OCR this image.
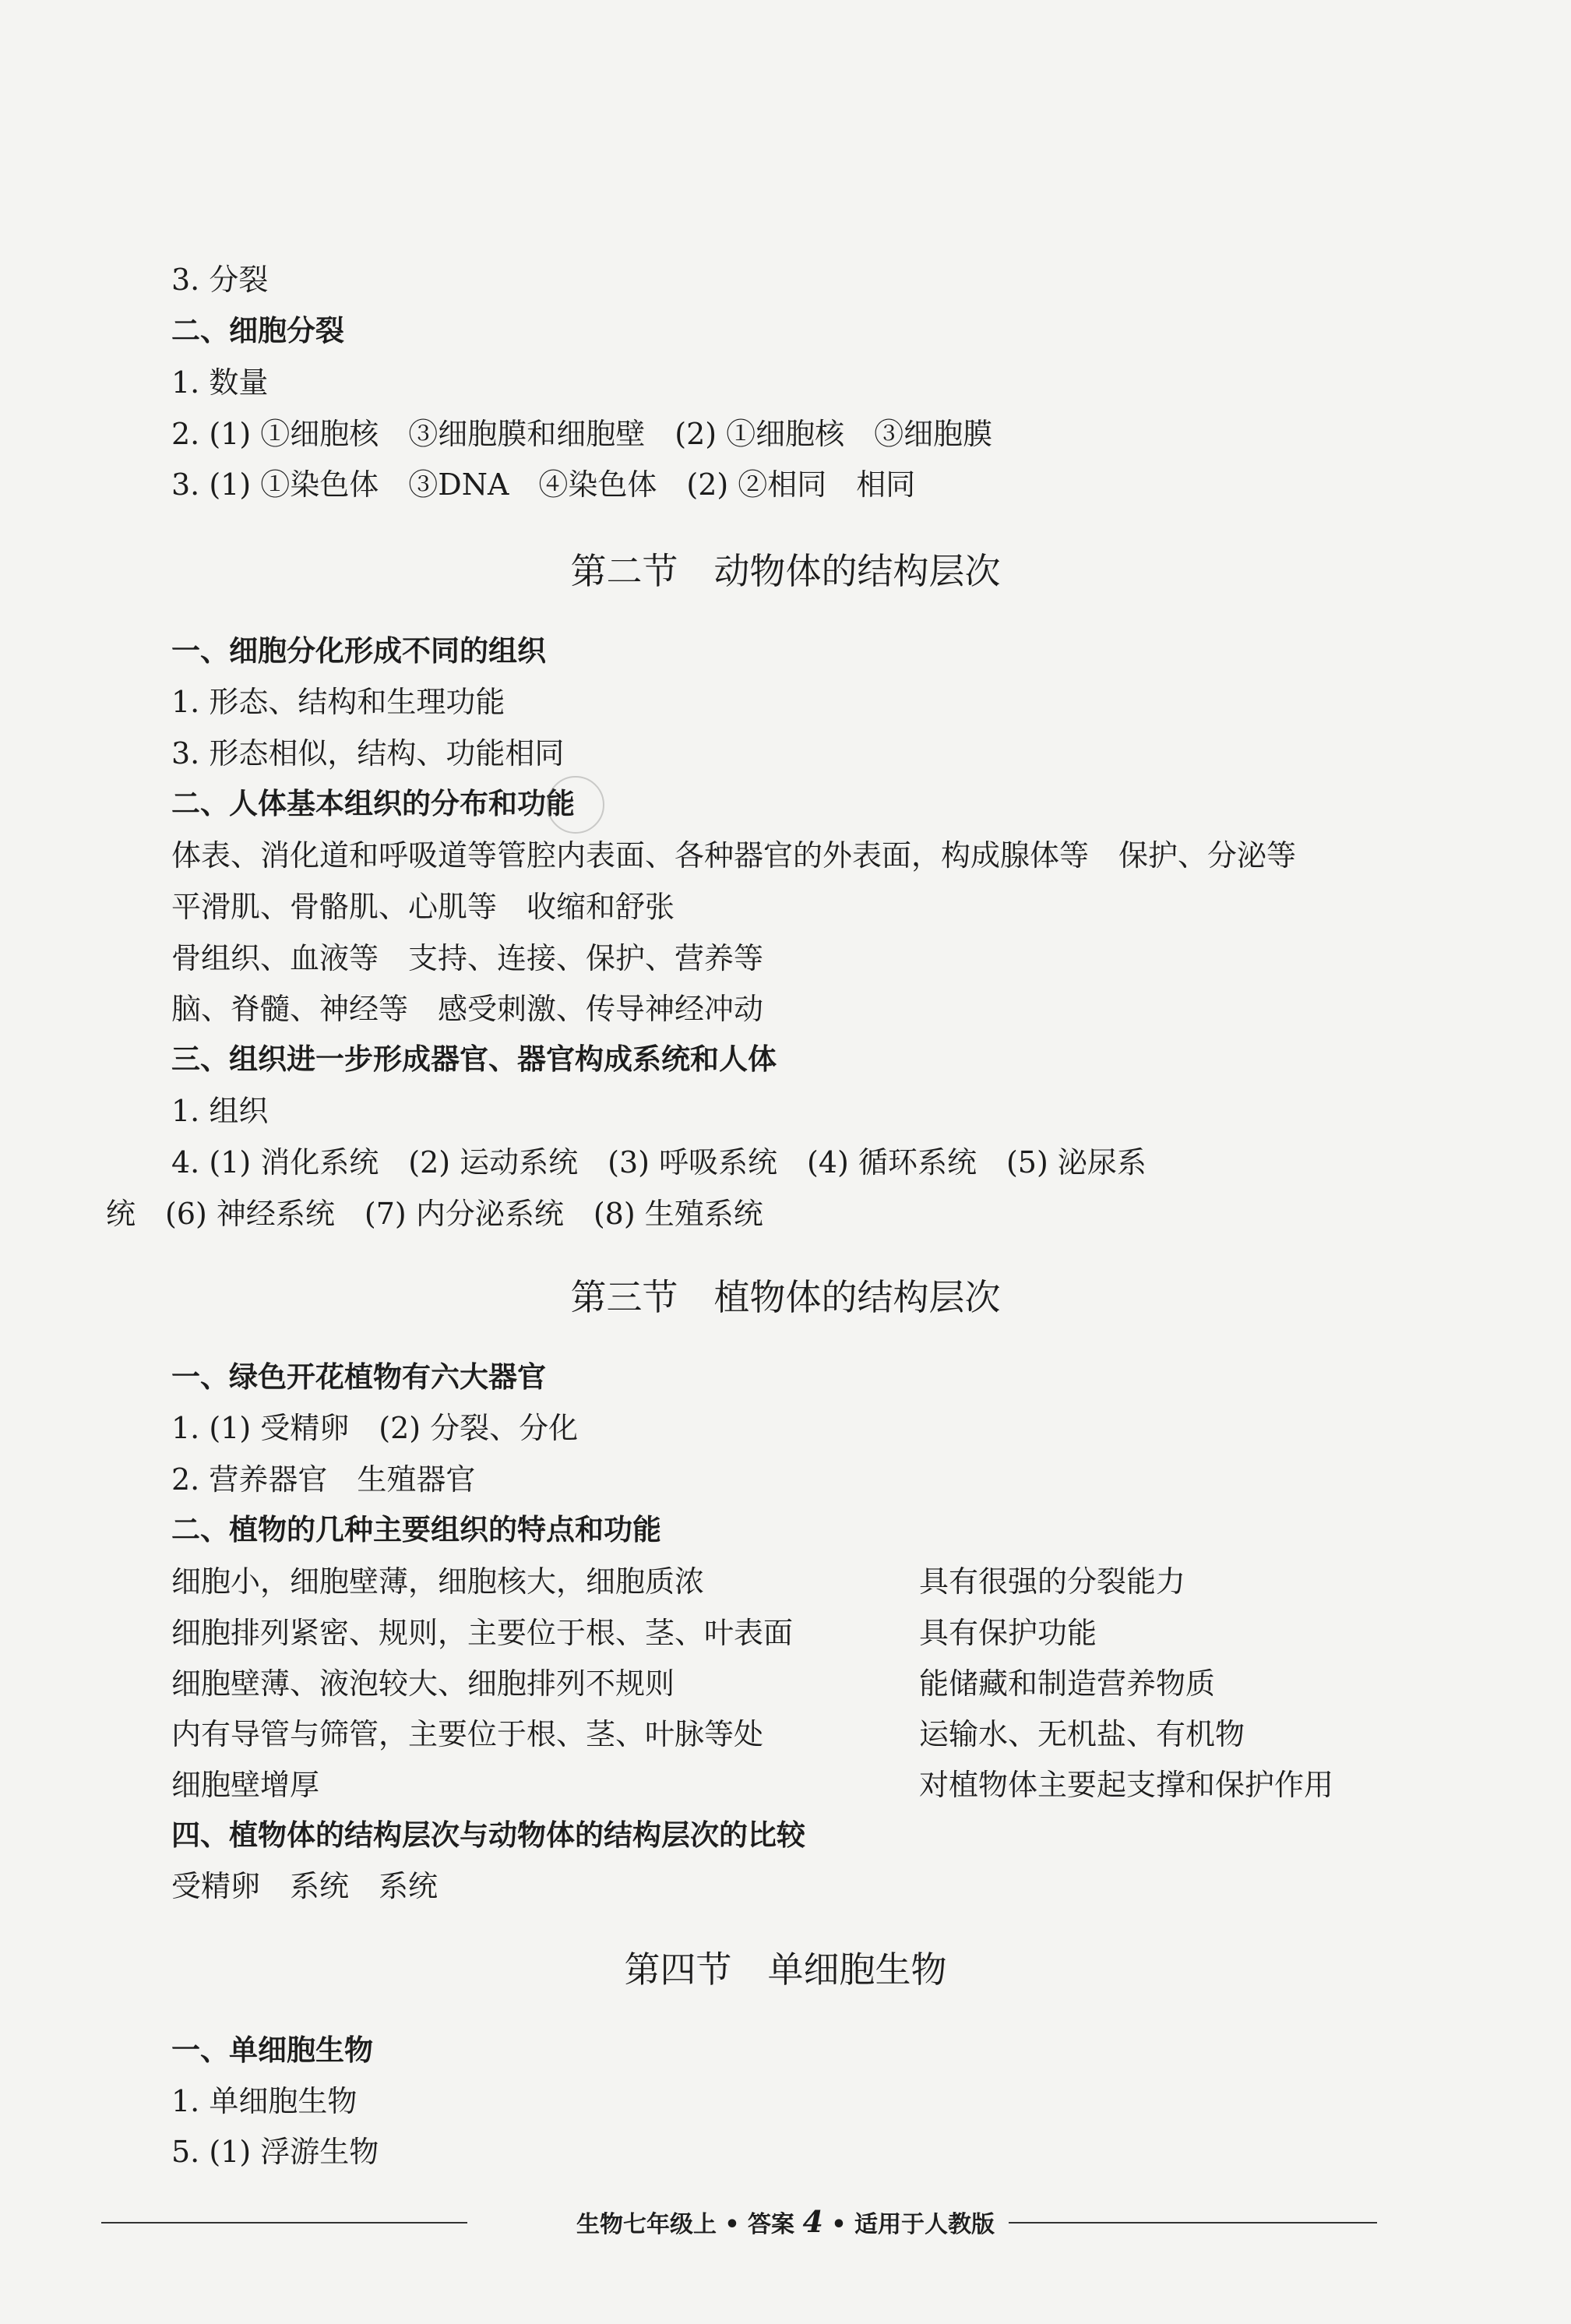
3. 分裂
二、细胞分裂
1. 数量
2. (1) ①细胞核　③细胞膜和细胞壁　(2) ①细胞核　③细胞膜
3. (1) ①染色体　③DNA　④染色体　(2) ②相同　相同
第二节　动物体的结构层次
一、细胞分化形成不同的组织
1. 形态、结构和生理功能
3. 形态相似，结构、功能相同
二、人体基本组织的分布和功能
体表、消化道和呼吸道等管腔内表面、各种器官的外表面，构成腺体等　保护、分泌等
平滑肌、骨骼肌、心肌等　收缩和舒张
骨组织、血液等　支持、连接、保护、营养等
脑、脊髓、神经等　感受刺激、传导神经冲动
三、组织进一步形成器官、器官构成系统和人体
1. 组织
4. (1) 消化系统　(2) 运动系统　(3) 呼吸系统　(4) 循环系统　(5) 泌尿系
统　(6) 神经系统　(7) 内分泌系统　(8) 生殖系统
第三节　植物体的结构层次
一、绿色开花植物有六大器官
1. (1) 受精卵　(2) 分裂、分化
2. 营养器官　生殖器官
二、植物的几种主要组织的特点和功能
细胞小，细胞壁薄，细胞核大，细胞质浓	具有很强的分裂能力
细胞排列紧密、规则，主要位于根、茎、叶表面	具有保护功能
细胞壁薄、液泡较大、细胞排列不规则	能储藏和制造营养物质
内有导管与筛管，主要位于根、茎、叶脉等处	运输水、无机盐、有机物
细胞壁增厚	对植物体主要起支撑和保护作用
四、植物体的结构层次与动物体的结构层次的比较
受精卵　系统　系统
第四节　单细胞生物
一、单细胞生物
1. 单细胞生物
5. (1) 浮游生物
生物七年级上 • 答案 4 • 适用于人教版
